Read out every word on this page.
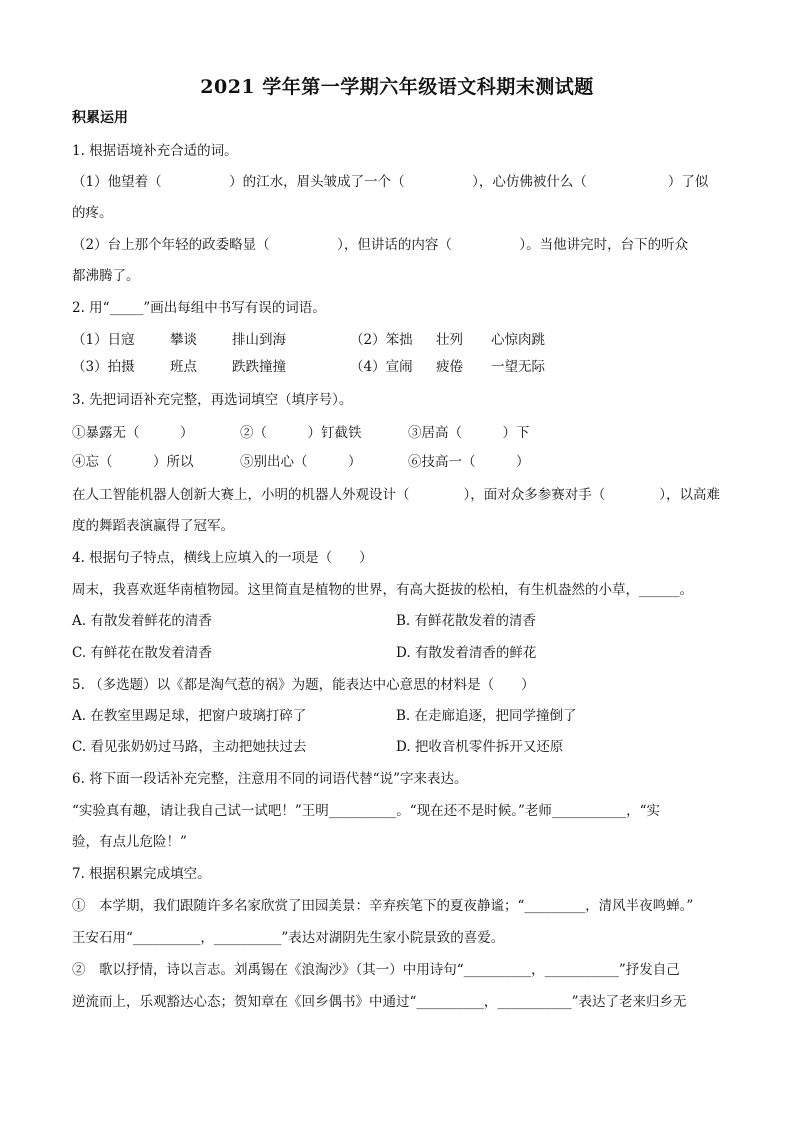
2021 学年第一学期六年级语文科期末测试题
积累运用
1. 根据语境补充合适的词。
（1）他望着（　　　　　）的江水，眉头皱成了一个（　　　　　），心仿佛被什么（　　　　　　）了似
的疼。
（2）台上那个年轻的政委略显（　　　　　），但讲话的内容（　　　　　）。当他讲完时，台下的听众
都沸腾了。
2. 用“_____”画出每组中书写有误的词语。
（1）日寇	攀谈	排山到海	（2）笨拙 壮列 心惊肉跳
（3）拍摄	班点	跌跌撞撞	（4）宣闹 疲倦 一望无际
3. 先把词语补充完整，再选词填空（填序号）。
①暴露无（　　　）	②（　　　）钉截铁	③居高（　　　）下
④忘（　　　）所以	⑤别出心（　　　）	⑥技高一（　　　）
在人工智能机器人创新大赛上，小明的机器人外观设计（　　　　），面对众多参赛对手（　　　　），以高难
度的舞蹈表演赢得了冠军。
4. 根据句子特点，横线上应填入的一项是（　　）
周末，我喜欢逛华南植物园。这里简直是植物的世界，有高大挺拔的松柏，有生机盎然的小草，______。
A. 有散发着鲜花的清香	B. 有鲜花散发着的清香
C. 有鲜花在散发着清香	D. 有散发着清香的鲜花
5. （多选题）以《都是淘气惹的祸》为题，能表达中心意思的材料是（　　）
A. 在教室里踢足球，把窗户玻璃打碎了	B. 在走廊追逐，把同学撞倒了
C. 看见张奶奶过马路，主动把她扶过去	D. 把收音机零件拆开又还原
6. 将下面一段话补充完整，注意用不同的词语代替“说”字来表达。
“实验真有趣，请让我自己试一试吧！”王明__________。“现在还不是时候。”老师___________，“实
验，有点儿危险！”
7. 根据积累完成填空。
①　本学期，我们跟随许多名家欣赏了田园美景：辛弃疾笔下的夏夜静谧；“_________，清风半夜鸣蝉。”
王安石用“__________，__________”表达对湖阴先生家小院景致的喜爱。
②　歌以抒情，诗以言志。刘禹锡在《浪淘沙》（其一）中用诗句“__________，___________”抒发自己
逆流而上，乐观豁达心态；贺知章在《回乡偶书》中通过“__________，___________”表达了老来归乡无
